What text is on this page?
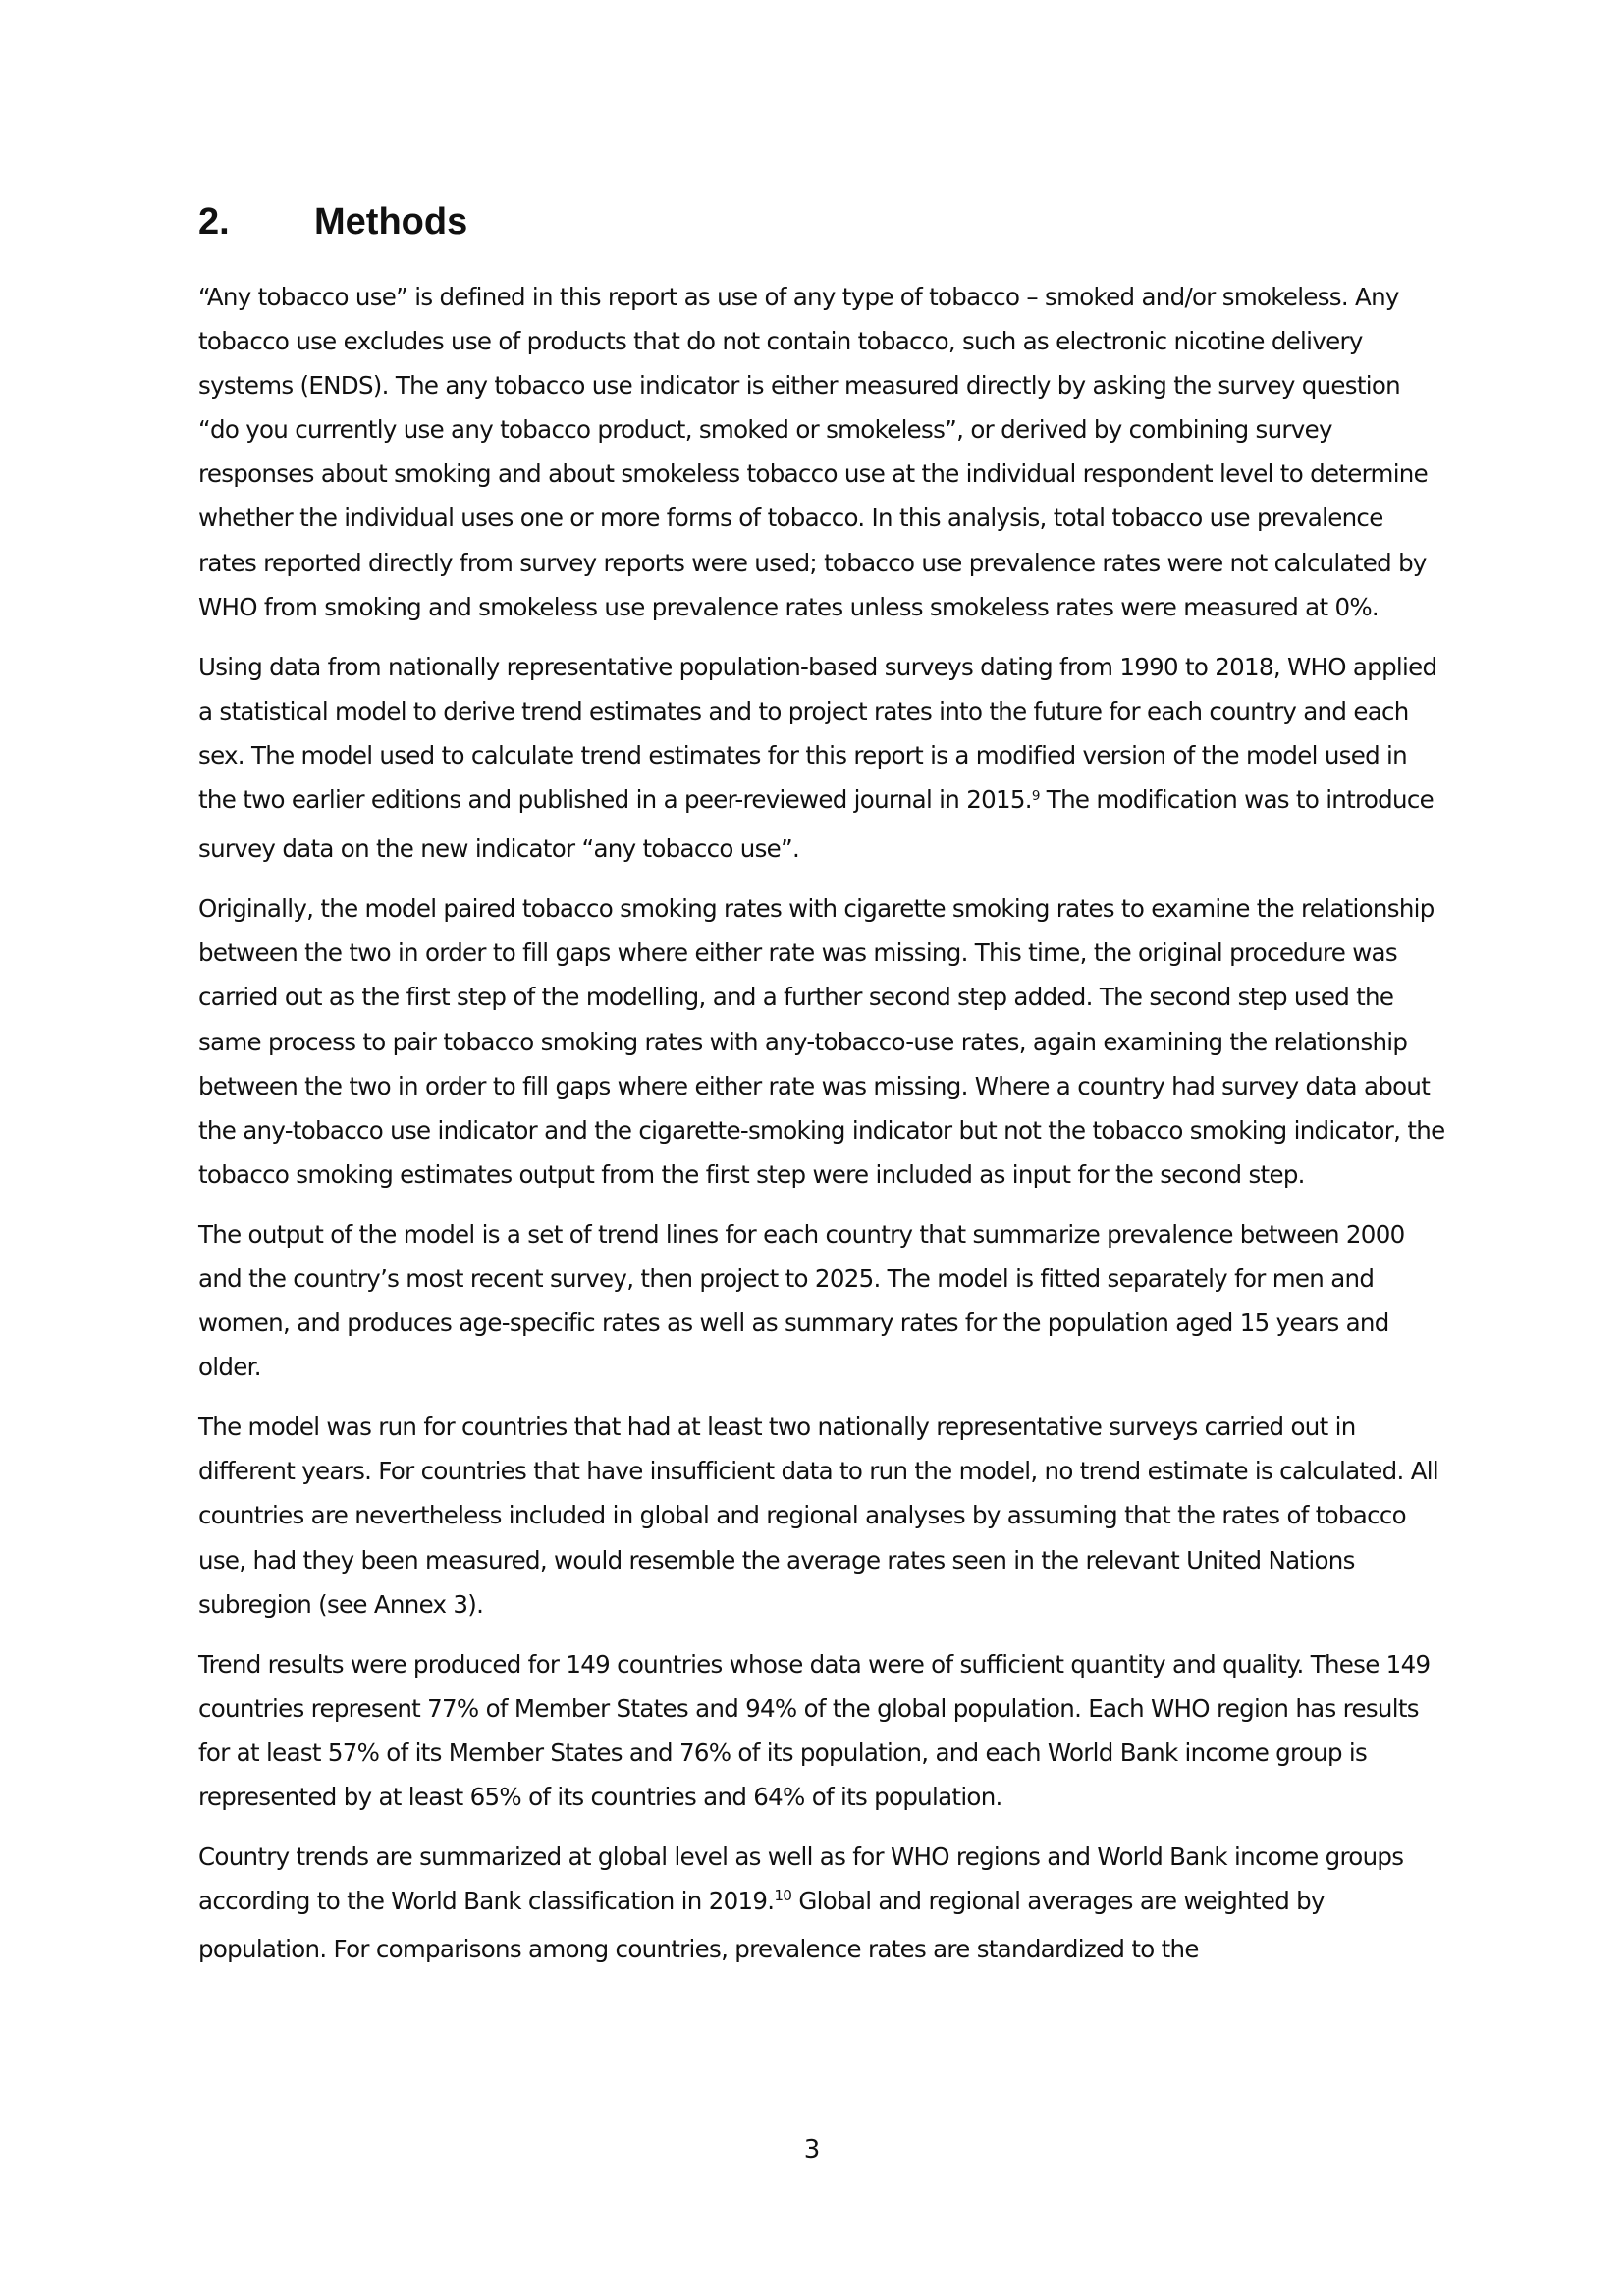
2. Methods

“Any tobacco use” is defined in this report as use of any type of tobacco – smoked and/or smokeless. Any tobacco use excludes use of products that do not contain tobacco, such as electronic nicotine delivery systems (ENDS). The any tobacco use indicator is either measured directly by asking the survey question “do you currently use any tobacco product, smoked or smokeless”, or derived by combining survey responses about smoking and about smokeless tobacco use at the individual respondent level to determine whether the individual uses one or more forms of tobacco. In this analysis, total tobacco use prevalence rates reported directly from survey reports were used; tobacco use prevalence rates were not calculated by WHO from smoking and smokeless use prevalence rates unless smokeless rates were measured at 0%.

Using data from nationally representative population-based surveys dating from 1990 to 2018, WHO applied a statistical model to derive trend estimates and to project rates into the future for each country and each sex. The model used to calculate trend estimates for this report is a modified version of the model used in the two earlier editions and published in a peer-reviewed journal in 2015.$^9$ The modification was to introduce survey data on the new indicator “any tobacco use”.

Originally, the model paired tobacco smoking rates with cigarette smoking rates to examine the relationship between the two in order to fill gaps where either rate was missing. This time, the original procedure was carried out as the first step of the modelling, and a further second step added. The second step used the same process to pair tobacco smoking rates with any-tobacco-use rates, again examining the relationship between the two in order to fill gaps where either rate was missing. Where a country had survey data about the any-tobacco use indicator and the cigarette-smoking indicator but not the tobacco smoking indicator, the tobacco smoking estimates output from the first step were included as input for the second step.

The output of the model is a set of trend lines for each country that summarize prevalence between 2000 and the country’s most recent survey, then project to 2025. The model is fitted separately for men and women, and produces age-specific rates as well as summary rates for the population aged 15 years and older.

The model was run for countries that had at least two nationally representative surveys carried out in different years. For countries that have insufficient data to run the model, no trend estimate is calculated. All countries are nevertheless included in global and regional analyses by assuming that the rates of tobacco use, had they been measured, would resemble the average rates seen in the relevant United Nations subregion (see Annex 3).

Trend results were produced for 149 countries whose data were of sufficient quantity and quality. These 149 countries represent 77% of Member States and 94% of the global population. Each WHO region has results for at least 57% of its Member States and 76% of its population, and each World Bank income group is represented by at least 65% of its countries and 64% of its population.

Country trends are summarized at global level as well as for WHO regions and World Bank income groups according to the World Bank classification in 2019.10 Global and regional averages are weighted by population. For comparisons among countries, prevalence rates are standardized to the

3
